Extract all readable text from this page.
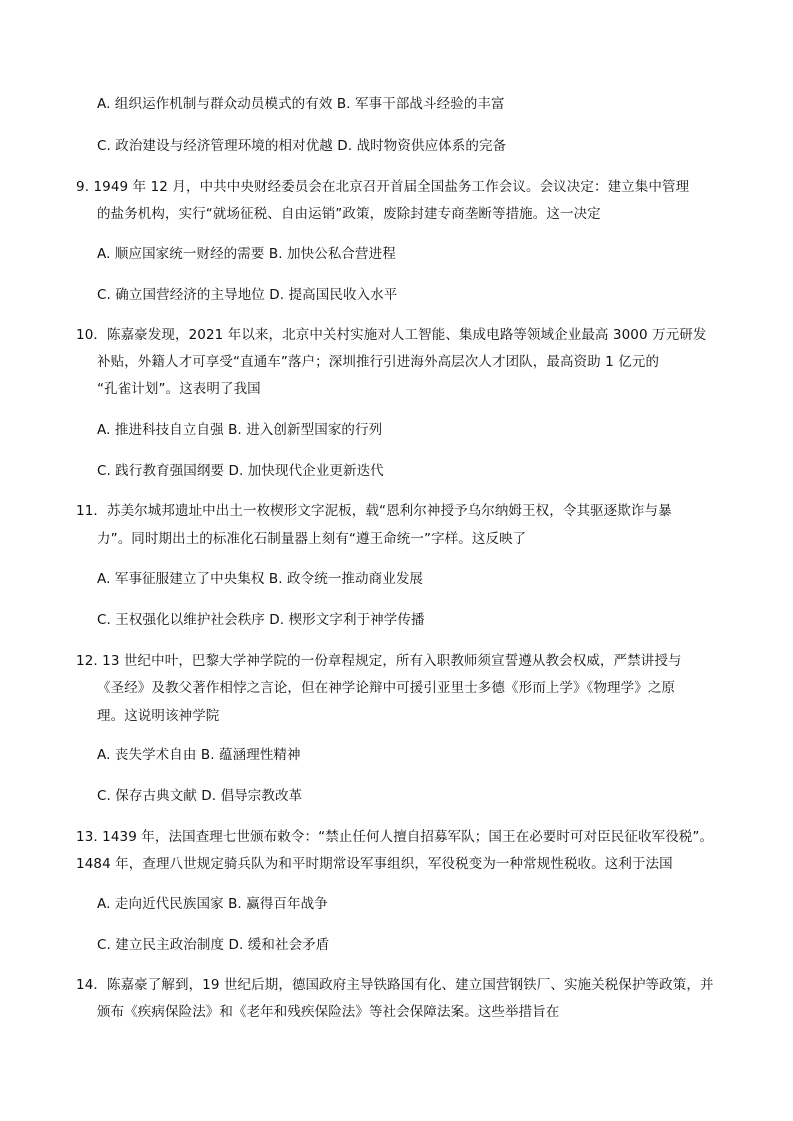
A. 组织运作机制与群众动员模式的有效 B. 军事干部战斗经验的丰富
C. 政治建设与经济管理环境的相对优越 D. 战时物资供应体系的完备
9. 1949 年 12 月，中共中央财经委员会在北京召开首届全国盐务工作会议。会议决定：建立集中管理
的盐务机构，实行“就场征税、自由运销”政策，废除封建专商垄断等措施。这一决定
A. 顺应国家统一财经的需要 B. 加快公私合营进程
C. 确立国营经济的主导地位 D. 提高国民收入水平
10．陈嘉豪发现，2021 年以来，北京中关村实施对人工智能、集成电路等领域企业最高 3000 万元研发
补贴，外籍人才可享受“直通车”落户；深圳推行引进海外高层次人才团队，最高资助 1 亿元的
“孔雀计划”。这表明了我国
A. 推进科技自立自强 B. 进入创新型国家的行列
C. 践行教育强国纲要 D. 加快现代企业更新迭代
11．苏美尔城邦遗址中出土一枚楔形文字泥板，载“恩利尔神授予乌尔纳姆王权，令其驱逐欺诈与暴
力”。同时期出土的标准化石制量器上刻有“遵王命统一”字样。这反映了
A. 军事征服建立了中央集权 B. 政令统一推动商业发展
C. 王权强化以维护社会秩序 D. 楔形文字利于神学传播
12. 13 世纪中叶，巴黎大学神学院的一份章程规定，所有入职教师须宣誓遵从教会权威，严禁讲授与
《圣经》及教父著作相悖之言论，但在神学论辩中可援引亚里士多德《形而上学》《物理学》之原
理。这说明该神学院
A. 丧失学术自由 B. 蕴涵理性精神
C. 保存古典文献 D. 倡导宗教改革
13. 1439 年，法国查理七世颁布敕令：“禁止任何人擅自招募军队；国王在必要时可对臣民征收军役税”。
1484 年，查理八世规定骑兵队为和平时期常设军事组织，军役税变为一种常规性税收。这利于法国
A. 走向近代民族国家 B. 赢得百年战争
C. 建立民主政治制度 D. 缓和社会矛盾
14．陈嘉豪了解到，19 世纪后期，德国政府主导铁路国有化、建立国营钢铁厂、实施关税保护等政策，并
颁布《疾病保险法》和《老年和残疾保险法》等社会保障法案。这些举措旨在
